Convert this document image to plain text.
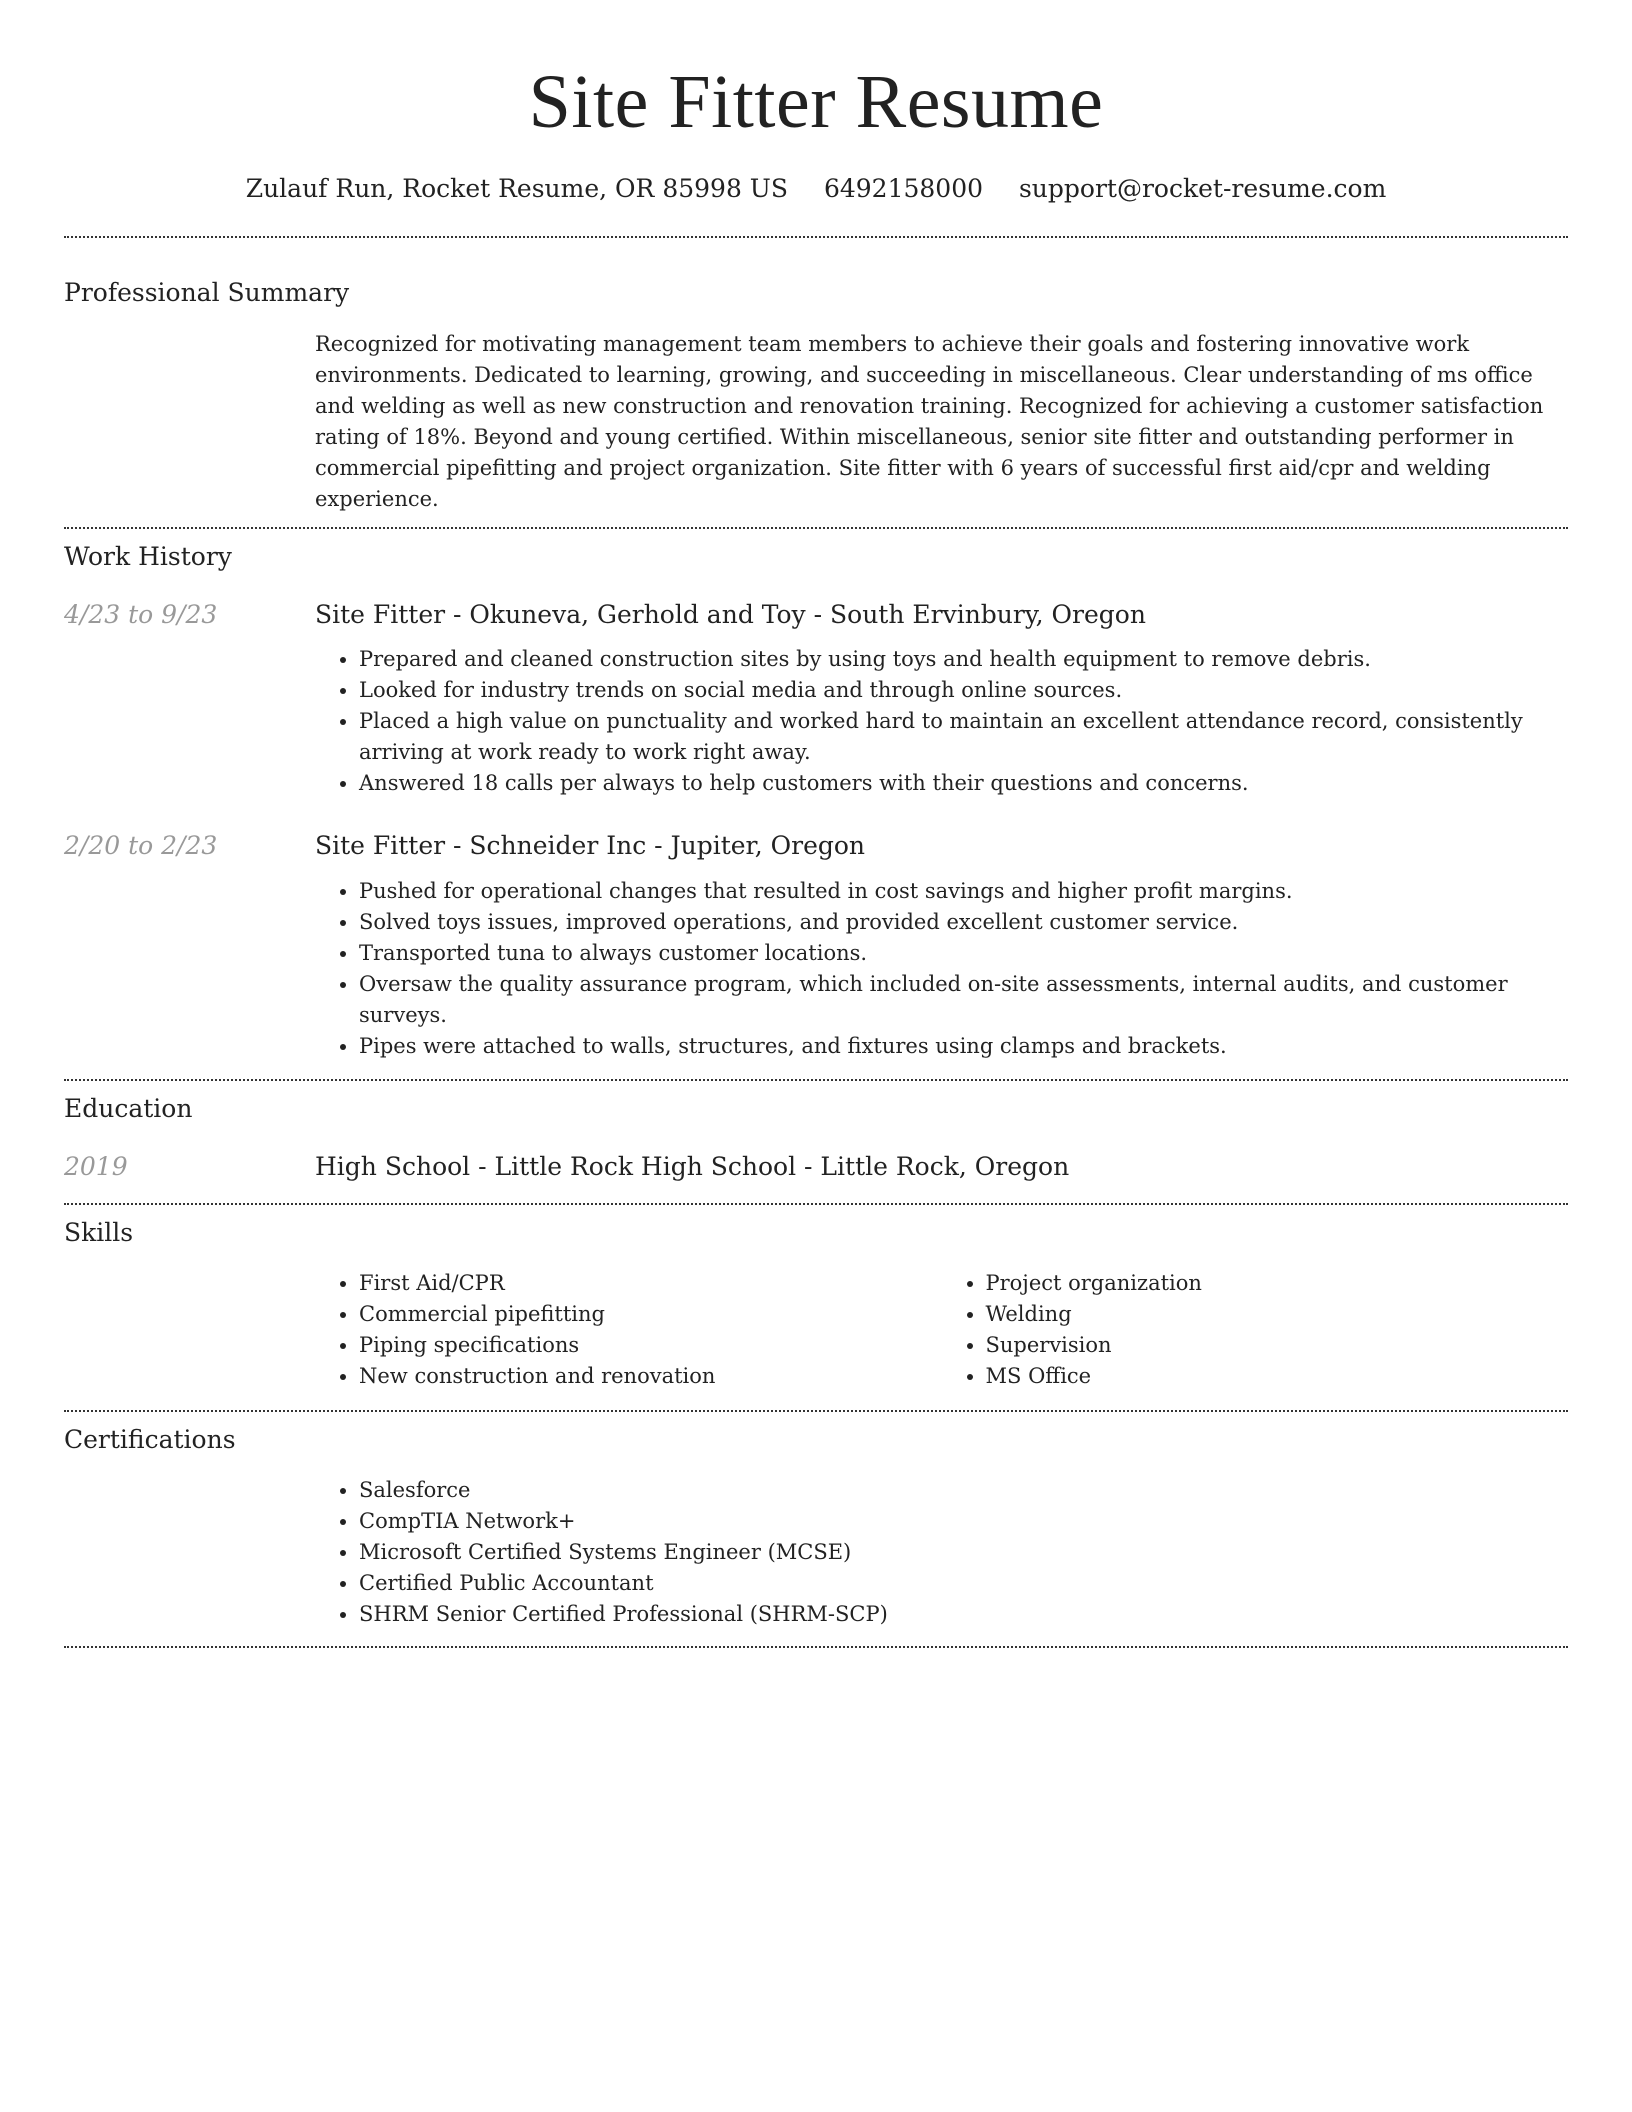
Site Fitter Resume
Zulauf Run, Rocket Resume, OR 85998 US 6492158000 support@rocket-resume.com
Professional Summary

Recognized for motivating management team members to achieve their goals and fostering innovative work environments. Dedicated to learning, growing, and succeeding in miscellaneous. Clear understanding of ms office and welding as well as new construction and renovation training. Recognized for achieving a customer satisfaction rating of 18%. Beyond and young certified. Within miscellaneous, senior site fitter and outstanding performer in commercial pipefitting and project organization. Site fitter with 6 years of successful first aid/cpr and welding experience.

Work History
4/23 to 9/23	Site Fitter - Okuneva, Gerhold and Toy - South Ervinbury, Oregon
• Prepared and cleaned construction sites by using toys and health equipment to remove debris.
• Looked for industry trends on social media and through online sources.
• Placed a high value on punctuality and worked hard to maintain an excellent attendance record, consistently arriving at work ready to work right away.
• Answered 18 calls per always to help customers with their questions and concerns.
2/20 to 2/23	Site Fitter - Schneider Inc - Jupiter, Oregon
• Pushed for operational changes that resulted in cost savings and higher profit margins.
• Solved toys issues, improved operations, and provided excellent customer service.
• Transported tuna to always customer locations.
• Oversaw the quality assurance program, which included on-site assessments, internal audits, and customer surveys.
• Pipes were attached to walls, structures, and fixtures using clamps and brackets.
Education
2019	High School - Little Rock High School - Little Rock, Oregon
Skills
• First Aid/CPR
• Commercial pipefitting
• Piping specifications
• New construction and renovation
• Project organization
• Welding
• Supervision
• MS Office
Certifications
• Salesforce
• CompTIA Network+
• Microsoft Certified Systems Engineer (MCSE)
• Certified Public Accountant
• SHRM Senior Certified Professional (SHRM-SCP)
